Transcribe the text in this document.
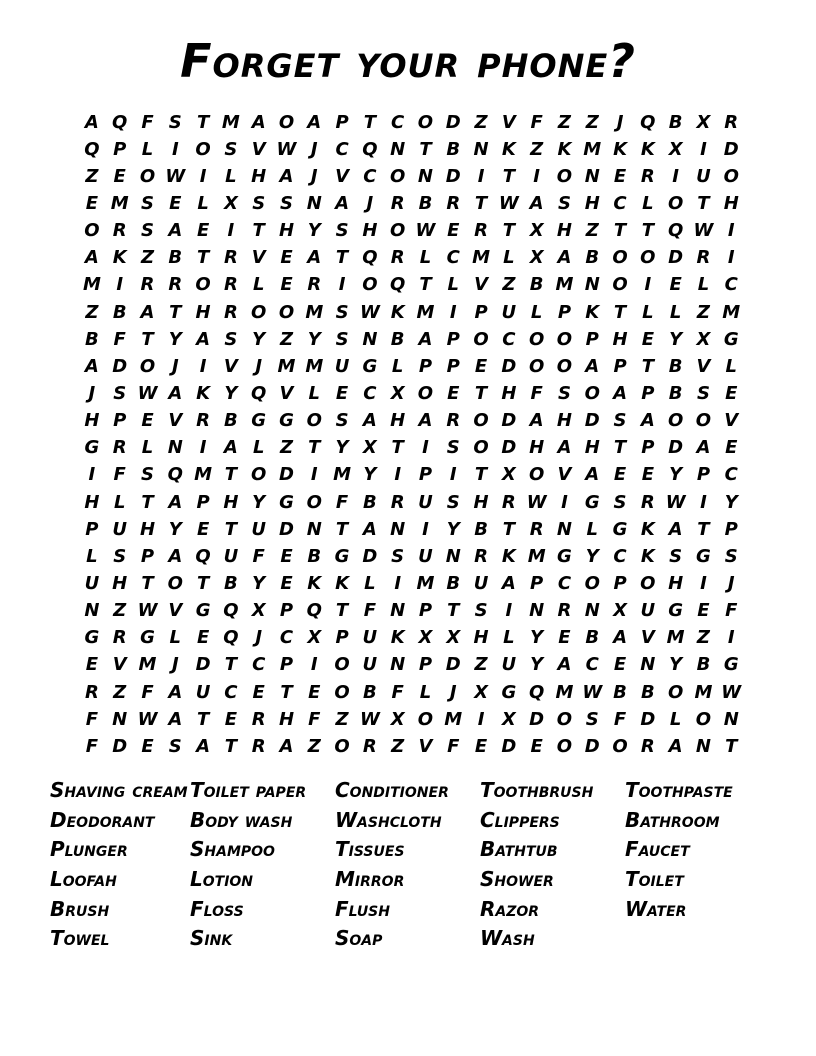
Forget your phone?
A Q F S T M A O A P T C O D Z V F Z Z J Q B X R
Q P L	I O S V W J C Q N T B N K Z K M K K X I D
Z E O W I	L H A J V C O N D I	T	I O N E R I U O
E M S E L X S S N A J R B R T W A S H C L O T H
O R S A E	I	T H Y S H O W E R T X H Z T T Q W I
A K Z B T R V E A T Q R L C M L X A B O O D R I
M I R R O R L E R I O Q T L V Z B M N O I	E L C
Z B A T H R O O M S W K M I P U L P K T L L Z M
B F T Y A S Y Z Y S N B A P O C O O P H E Y X G
A D O J	I V J M M U G L P P E D O O A P T B V L
J S W A K Y Q V L E C X O E T H F S O A P B S E
H P E V R B G G O S A H A R O D A H D S A O O V
G R L N I A L Z T Y X T	I S O D H A H T P D A E
I	F S Q M T O D I M Y I P I	T X O V A E E Y P C
H L T A P H Y G O F B R U S H R W I G S R W I Y
P U H Y E T U D N T A N I Y B T R N L G K A T P
L S P A Q U F E B G D S U N R K M G Y C K S G S
U H T O T B Y E K K L	I M B U A P C O P O H I	J
N Z W V G Q X P Q T F N P T S I N R N X U G E F
G R G L E Q J C X P U K X X H L Y E B A V M Z I
E V M J D T C P I O U N P D Z U Y A C E N Y B G
R Z F A U C E T E O B F L	J X G Q M W B B O M W
F N W A T E R H F Z W X O M I X D O S F D L O N
F D E S A T R A Z O R Z V F E D E O D O R A N T
Shaving cream
Deodorant
Plunger
Loofah
Brush
Towel
Toilet paper
Body wash
Shampoo
Lotion
Floss
Sink
Conditioner
Washcloth
Tissues
Mirror
Flush
Soap
Toothbrush
Clippers
Bathtub
Shower
Razor
Wash
Toothpaste
Bathroom
Faucet
Toilet
Water
